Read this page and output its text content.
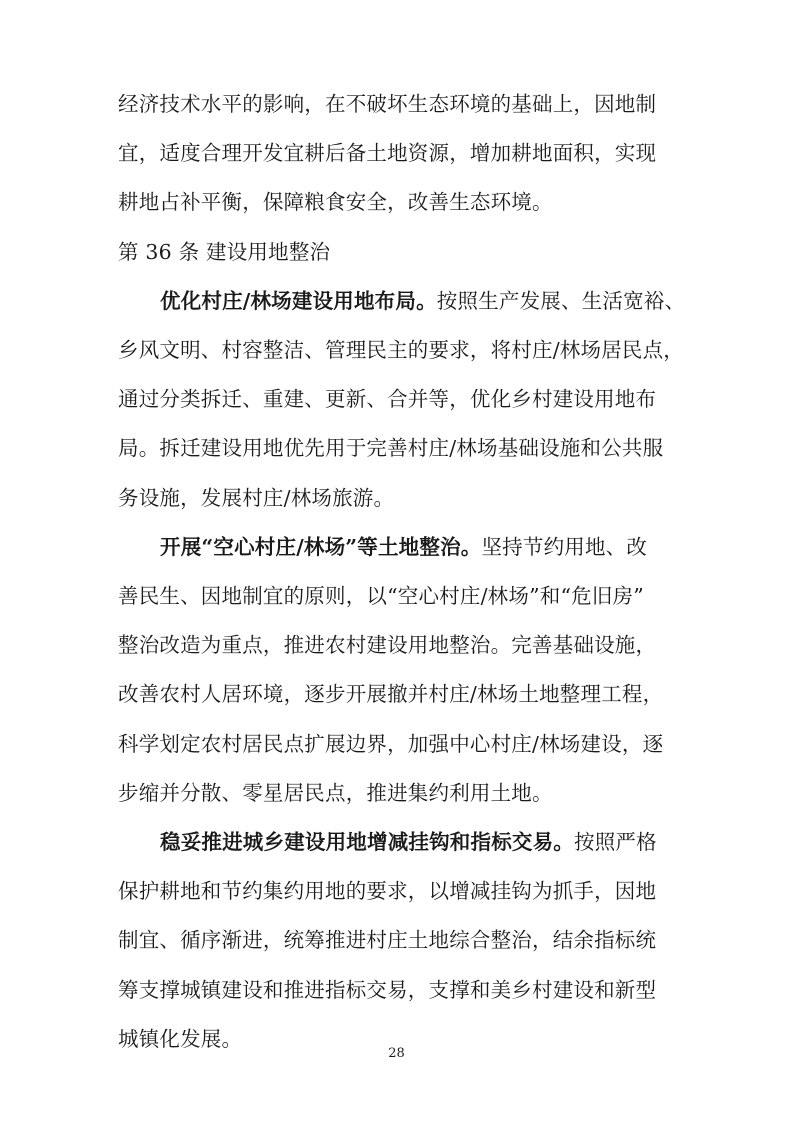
经济技术水平的影响，在不破坏生态环境的基础上，因地制
宜，适度合理开发宜耕后备土地资源，增加耕地面积，实现
耕地占补平衡，保障粮食安全，改善生态环境。
第 36 条 建设用地整治
优化村庄/林场建设用地布局。按照生产发展、生活宽裕、
乡风文明、村容整洁、管理民主的要求，将村庄/林场居民点，
通过分类拆迁、重建、更新、合并等，优化乡村建设用地布
局。拆迁建设用地优先用于完善村庄/林场基础设施和公共服
务设施，发展村庄/林场旅游。
开展“空心村庄/林场”等土地整治。坚持节约用地、改
善民生、因地制宜的原则，以“空心村庄/林场”和“危旧房”
整治改造为重点，推进农村建设用地整治。完善基础设施，
改善农村人居环境，逐步开展撤并村庄/林场土地整理工程，
科学划定农村居民点扩展边界，加强中心村庄/林场建设，逐
步缩并分散、零星居民点，推进集约利用土地。
稳妥推进城乡建设用地增减挂钩和指标交易。按照严格
保护耕地和节约集约用地的要求，以增减挂钩为抓手，因地
制宜、循序渐进，统筹推进村庄土地综合整治，结余指标统
筹支撑城镇建设和推进指标交易，支撑和美乡村建设和新型
28
城镇化发展。
